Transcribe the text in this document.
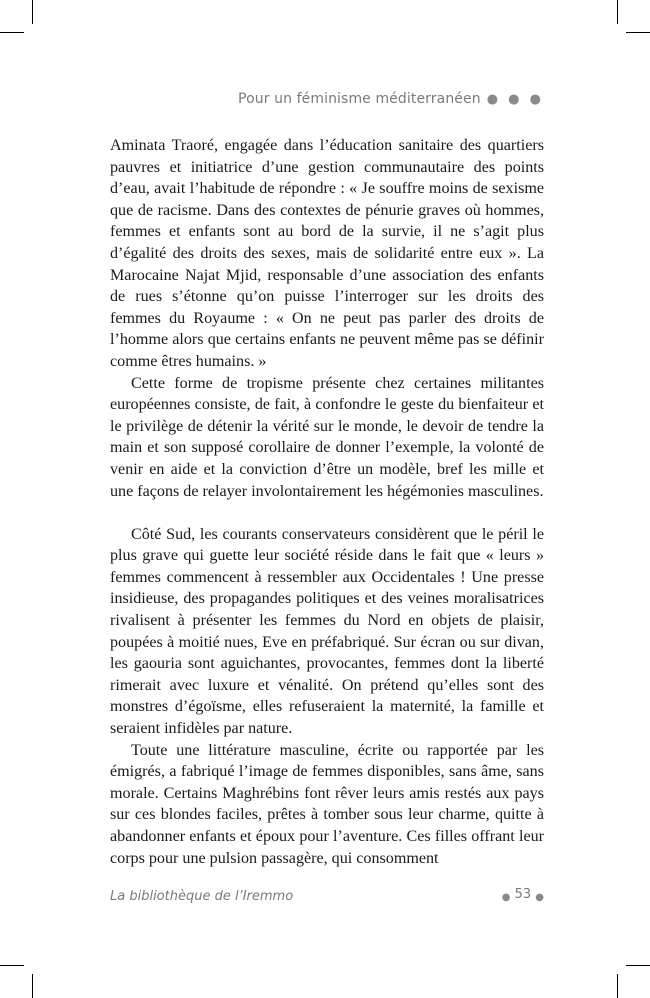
Pour un féminisme méditerranéen ● ● ●

Aminata Traoré, engagée dans l’éducation sanitaire des quartiers pauvres et initiatrice d’une gestion communautaire des points d’eau, avait l’habitude de répondre : « Je souffre moins de sexisme que de racisme. Dans des contextes de pénurie graves où hommes, femmes et enfants sont au bord de la survie, il ne s’agit plus d’égalité des droits des sexes, mais de solidarité entre eux ». La Marocaine Najat Mjid, responsable d’une association des enfants de rues s’étonne qu’on puisse l’interroger sur les droits des femmes du Royaume : « On ne peut pas parler des droits de l’homme alors que certains enfants ne peuvent même pas se définir comme êtres humains. »

Cette forme de tropisme présente chez certaines militantes européennes consiste, de fait, à confondre le geste du bienfaiteur et le privilège de détenir la vérité sur le monde, le devoir de tendre la main et son supposé corollaire de donner l’exemple, la volonté de venir en aide et la conviction d’être un modèle, bref les mille et une façons de relayer involontairement les hégémonies masculines.

Côté Sud, les courants conservateurs considèrent que le péril le plus grave qui guette leur société réside dans le fait que « leurs » femmes commencent à ressembler aux Occidentales ! Une presse insidieuse, des propagandes politiques et des veines moralisatrices rivalisent à présenter les femmes du Nord en objets de plaisir, poupées à moitié nues, Eve en préfabriqué. Sur écran ou sur divan, les gaouria sont aguichantes, provocantes, femmes dont la liberté rimerait avec luxure et vénalité. On prétend qu’elles sont des monstres d’égoïsme, elles refuseraient la maternité, la famille et seraient infidèles par nature.

Toute une littérature masculine, écrite ou rapportée par les émigrés, a fabriqué l’image de femmes disponibles, sans âme, sans morale. Certains Maghrébins font rêver leurs amis restés aux pays sur ces blondes faciles, prêtes à tomber sous leur charme, quitte à abandonner enfants et époux pour l’aventure. Ces filles offrant leur corps pour une pulsion passagère, qui consomment

La bibliothèque de l’Iremmo	● 53 ●
